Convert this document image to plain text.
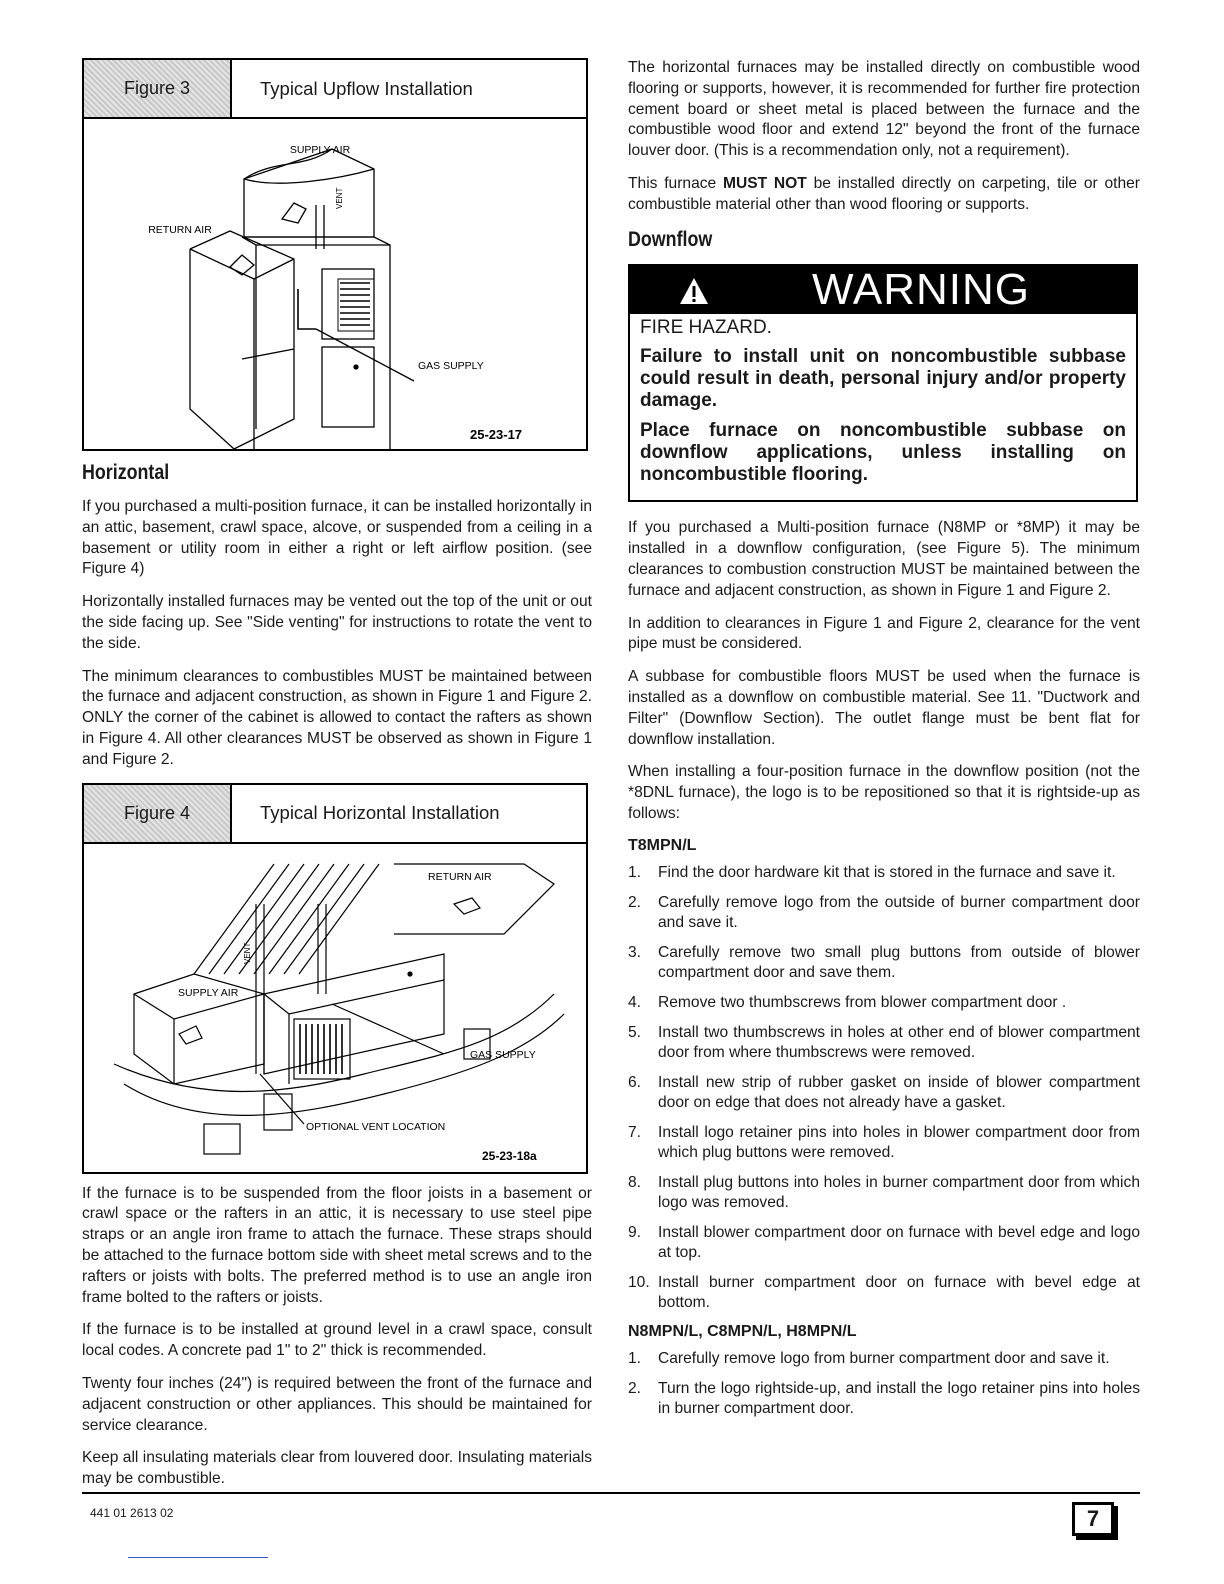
Figure 3	Typical Upflow Installation
VENT
SUPPLY AIR
RETURN AIR
GAS SUPPLY
25-23-17
Horizontal

If you purchased a multi-position furnace, it can be installed horizontally in an attic, basement, crawl space, alcove, or suspended from a ceiling in a basement or utility room in either a right or left airflow position. (see Figure 4)

Horizontally installed furnaces may be vented out the top of the unit or out the side facing up. See "Side venting" for instructions to rotate the vent to the side.

The minimum clearances to combustibles MUST be maintained between the furnace and adjacent construction, as shown in Figure 1 and Figure 2. ONLY the corner of the cabinet is allowed to contact the rafters as shown in Figure 4. All other clearances MUST be observed as shown in Figure 1 and Figure 2.

Figure 4	Typical Horizontal Installation
VENT
RETURN AIR
SUPPLY AIR
GAS SUPPLY
OPTIONAL VENT LOCATION
25-23-18a

If the furnace is to be suspended from the floor joists in a basement or crawl space or the rafters in an attic, it is necessary to use steel pipe straps or an angle iron frame to attach the furnace. These straps should be attached to the furnace bottom side with sheet metal screws and to the rafters or joists with bolts. The preferred method is to use an angle iron frame bolted to the rafters or joists.

If the furnace is to be installed at ground level in a crawl space, consult local codes. A concrete pad 1" to 2" thick is recommended.

Twenty four inches (24") is required between the front of the furnace and adjacent construction or other appliances. This should be maintained for service clearance.

Keep all insulating materials clear from louvered door. Insulating materials may be combustible.

The horizontal furnaces may be installed directly on combustible wood flooring or supports, however, it is recommended for further fire protection cement board or sheet metal is placed between the furnace and the combustible wood floor and extend 12" beyond the front of the furnace louver door. (This is a recommendation only, not a requirement).

This furnace MUST NOT be installed directly on carpeting, tile or other combustible material other than wood flooring or supports.

Downflow
WARNING

FIRE HAZARD.

Failure to install unit on noncombustible subbase could result in death, personal injury and/or property damage.

Place furnace on noncombustible subbase on downflow applications, unless installing on noncombustible flooring.

If you purchased a Multi-position furnace (N8MP or *8MP) it may be installed in a downflow configuration, (see Figure 5). The minimum clearances to combustion construction MUST be maintained between the furnace and adjacent construction, as shown in Figure 1 and Figure 2.

In addition to clearances in Figure 1 and Figure 2, clearance for the vent pipe must be considered.

A subbase for combustible floors MUST be used when the furnace is installed as a downflow on combustible material. See 11. "Ductwork and Filter" (Downflow Section). The outlet flange must be bent flat for downflow installation.

When installing a four-position furnace in the downflow position (not the *8DNL furnace), the logo is to be repositioned so that it is rightside-up as follows:

T8MPN/L
1.	Find the door hardware kit that is stored in the furnace and save it.
2.	Carefully remove logo from the outside of burner compartment door and save it.
3.	Carefully remove two small plug buttons from outside of blower compartment door and save them.
4.	Remove two thumbscrews from blower compartment door .
5.	Install two thumbscrews in holes at other end of blower compartment door from where thumbscrews were removed.
6.	Install new strip of rubber gasket on inside of blower compartment door on edge that does not already have a gasket.
7.	Install logo retainer pins into holes in blower compartment door from which plug buttons were removed.
8.	Install plug buttons into holes in burner compartment door from which logo was removed.
9.	Install blower compartment door on furnace with bevel edge and logo at top.
10. Install burner compartment door on furnace with bevel edge at bottom.
N8MPN/L, C8MPN/L, H8MPN/L
1.	Carefully remove logo from burner compartment door and save it.
2.	Turn the logo rightside-up, and install the logo retainer pins into holes in burner compartment door.
441 01 2613 02	7
